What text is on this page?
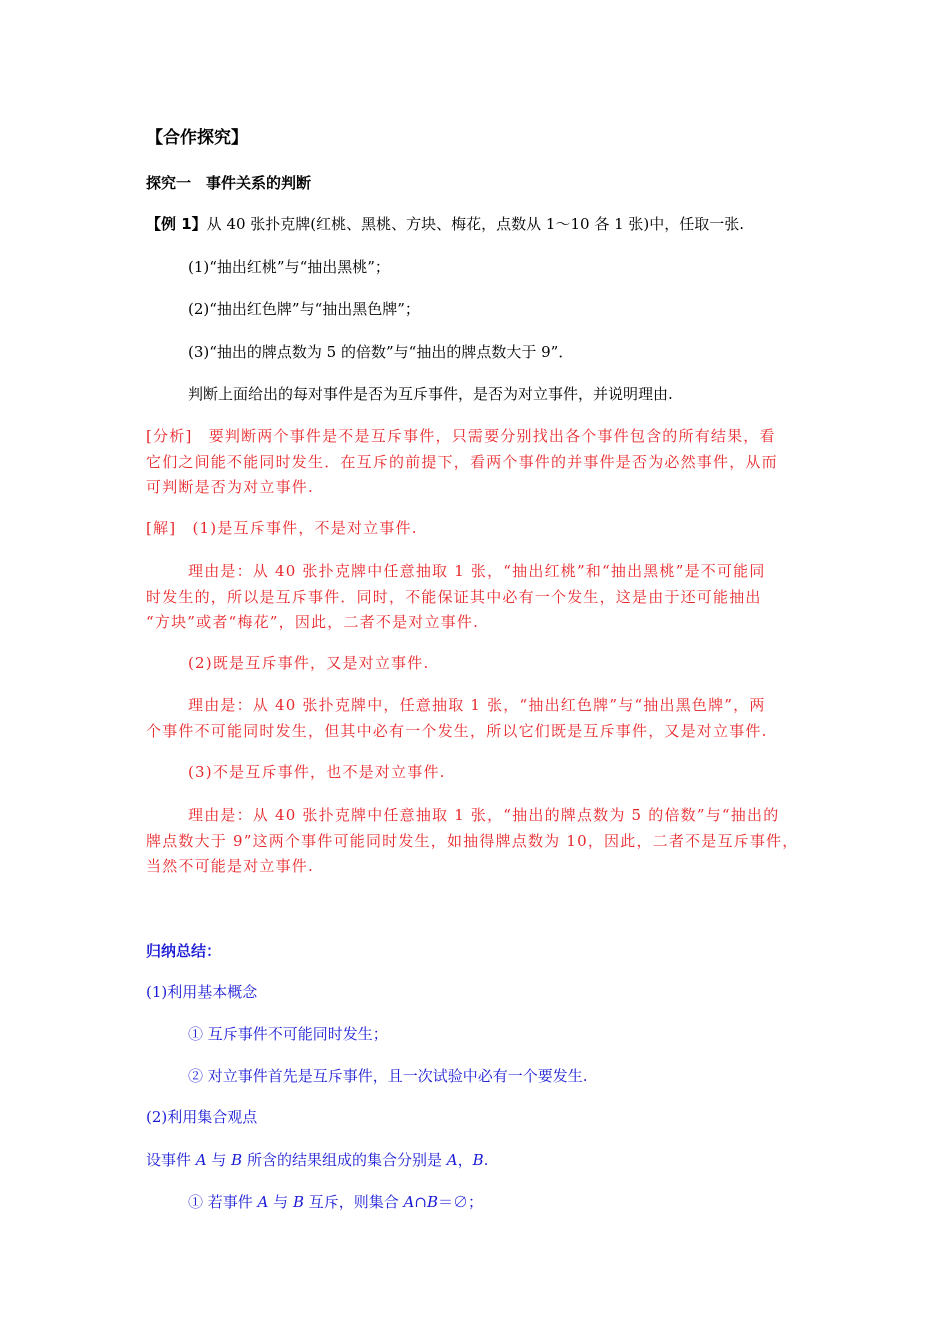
【合作探究】
探究一　事件关系的判断
【例 1】从 40 张扑克牌(红桃、黑桃、方块、梅花，点数从 1～10 各 1 张)中，任取一张.
(1)“抽出红桃”与“抽出黑桃”；
(2)“抽出红色牌”与“抽出黑色牌”；
(3)“抽出的牌点数为 5 的倍数”与“抽出的牌点数大于 9”．
判断上面给出的每对事件是否为互斥事件，是否为对立事件，并说明理由.
[分析]　要判断两个事件是不是互斥事件，只需要分别找出各个事件包含的所有结果，看
它们之间能不能同时发生．在互斥的前提下，看两个事件的并事件是否为必然事件，从而
可判断是否为对立事件.
[解]　(1)是互斥事件，不是对立事件.
理由是：从 40 张扑克牌中任意抽取 1 张，“抽出红桃”和“抽出黑桃”是不可能同
时发生的，所以是互斥事件．同时，不能保证其中必有一个发生，这是由于还可能抽出
“方块”或者“梅花”，因此，二者不是对立事件.
(2)既是互斥事件，又是对立事件.
理由是：从 40 张扑克牌中，任意抽取 1 张，“抽出红色牌”与“抽出黑色牌”，两
个事件不可能同时发生，但其中必有一个发生，所以它们既是互斥事件，又是对立事件.
(3)不是互斥事件，也不是对立事件.
理由是：从 40 张扑克牌中任意抽取 1 张，“抽出的牌点数为 5 的倍数”与“抽出的
牌点数大于 9”这两个事件可能同时发生，如抽得牌点数为 10，因此，二者不是互斥事件，
当然不可能是对立事件.
归纳总结：
(1)利用基本概念
① 互斥事件不可能同时发生；
② 对立事件首先是互斥事件，且一次试验中必有一个要发生.
(2)利用集合观点
设事件 A 与 B 所含的结果组成的集合分别是 A，B.
① 若事件 A 与 B 互斥，则集合 A∩B＝∅；
